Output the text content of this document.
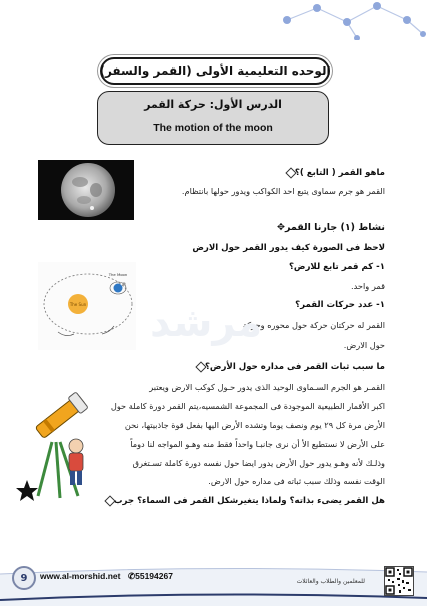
الوحده التعليمية الأولى (القمر والسفر)
الدرس الأول: حركة القمر
The motion of the moon
ماهو القمر ( التابع )؟
القمر هو جرم سماوى يتبع احد الكواكب ويدور حولها بانتظام.
نشاط (١) جارنا القمر✥
لاحظ فى الصورة كيف يدور القمر حول الارض
The Sun
The Moon
١- كم قمر تابع للارض؟
قمر واحد.
١- عدد حركات القمر؟
القمر له حركتان حركة حول محوره وحركة
حول الارض.
مرشد
ما سبب ثبات القمر فى مداره حول الأرض؟
القمـر هو الجرم السـماوى الوحيد الذى يدور حـول كوكب الارض ويعتبر
اكبر الأقمار الطبيعية الموجودة فى المجموعة الشمسيه،يتم القمر دورة كاملة حول
الأرض مرة كل ٢٩ يوم ونصف يوما وتشده الأرض اليها بفعل قوة جاذبيتها، نحن
على الأرض لا نستطيع الأ أن نرى جانبـا واحداً فقط منه وهـو المواجه لنا دوماً
وذلـك لأنه وهـو يدور حول الأرض يدور ايضا حول نفسه دورة كاملة تسـتغرق
الوقت نفسه وذلك سبب ثباته فى مداره حول الارض.
هل القمر يضىء بذاته؟ ولماذا يتغيرشكل القمر فى السماء؟ جرب
9	www.al-morshid.net ✆55194267
للمعلمين والطلاب والعائلات
